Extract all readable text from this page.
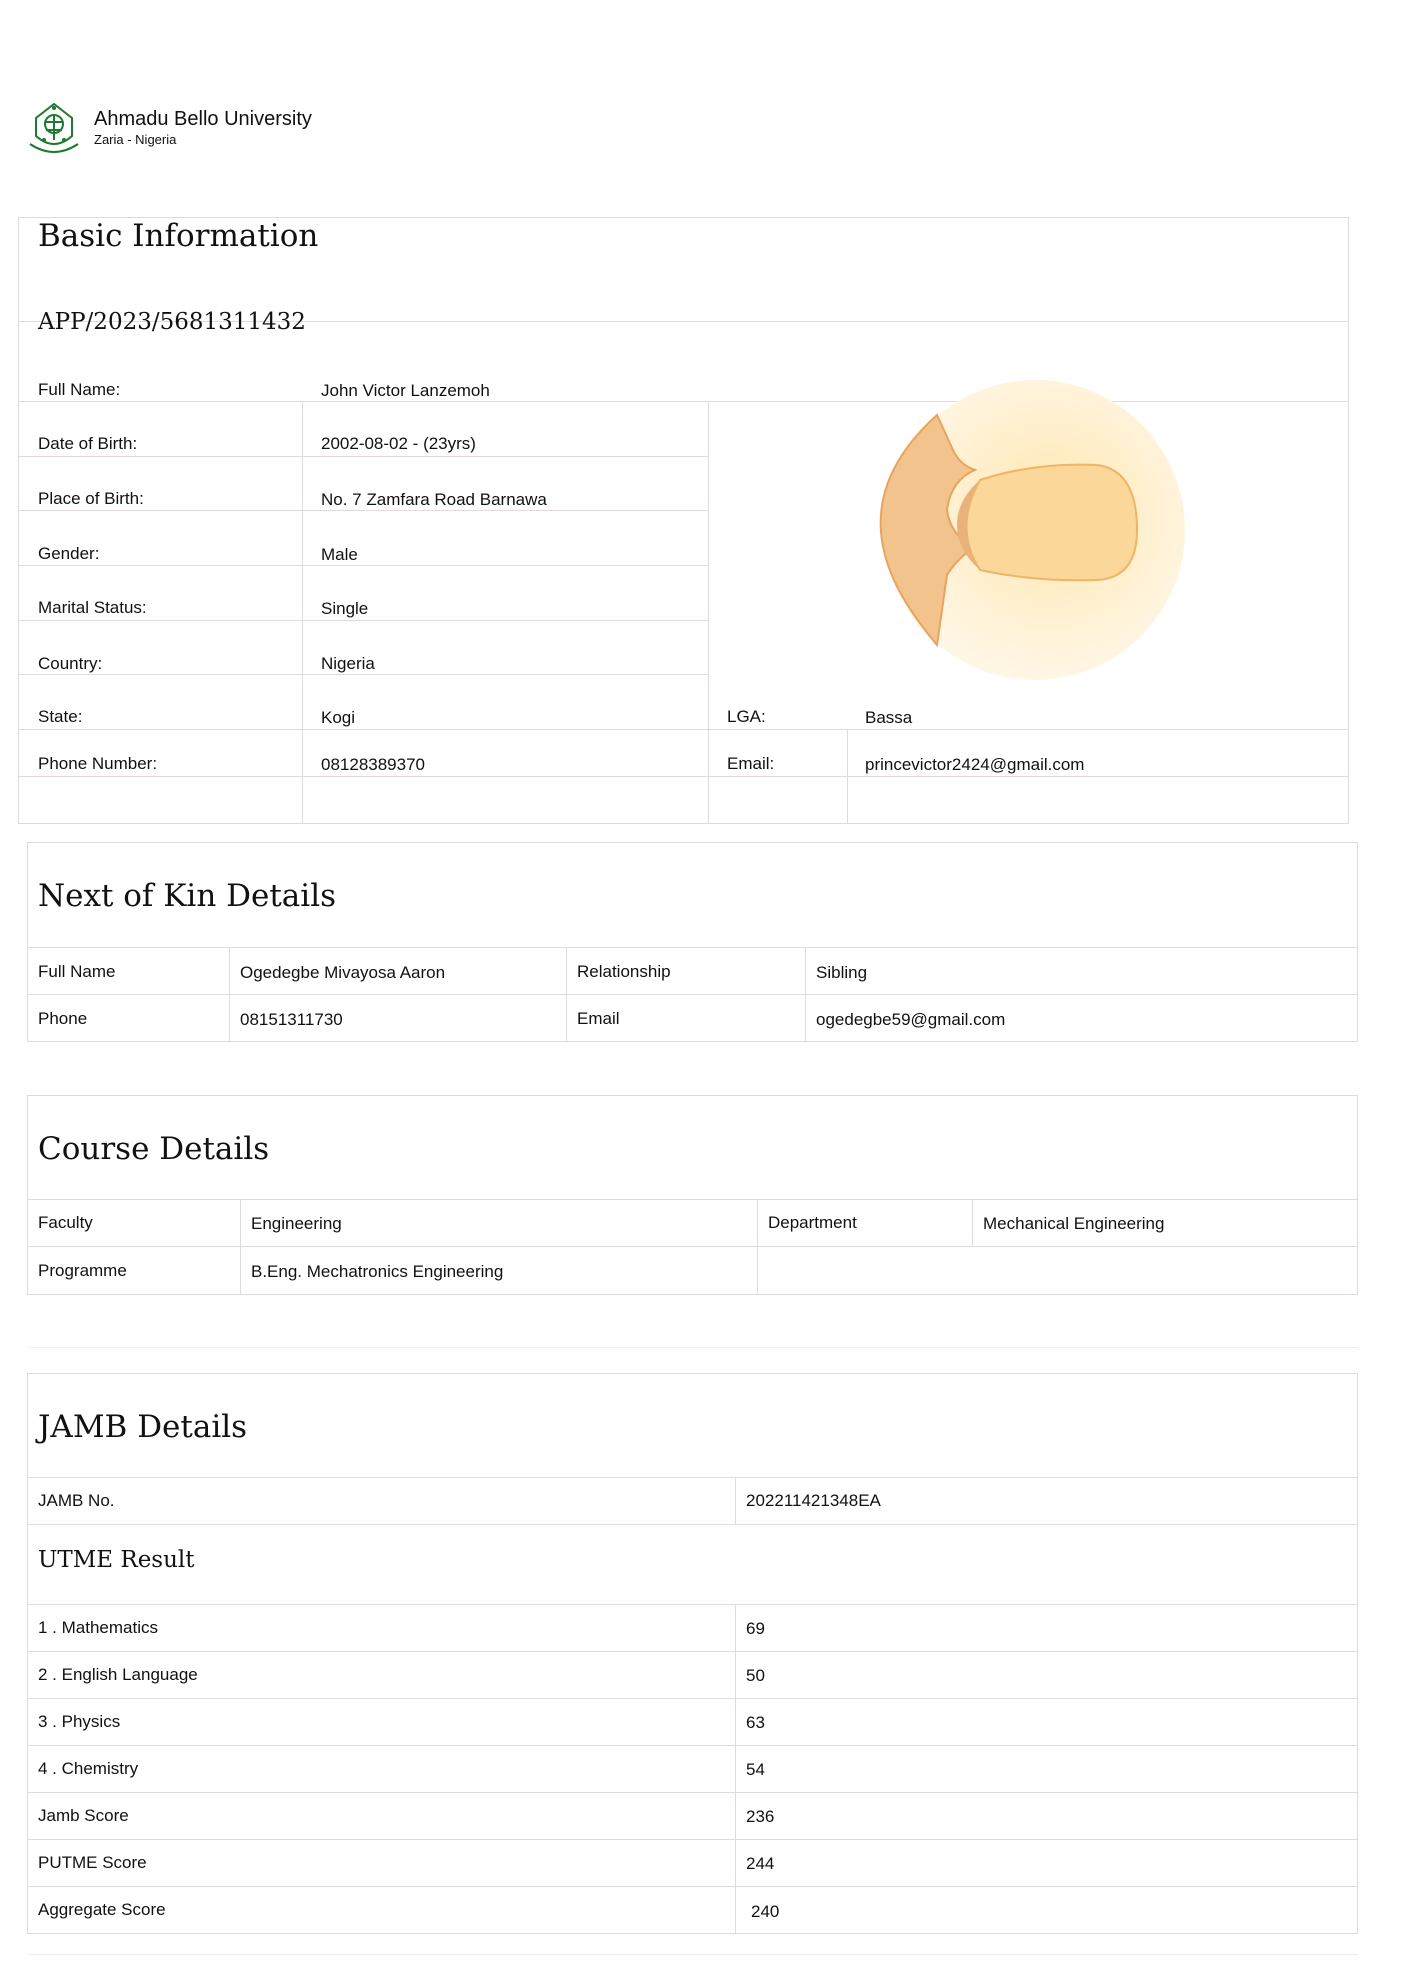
Ahmadu Bello University
Zaria - Nigeria
Basic Information
APP/2023/5681311432
Full Name:	John Victor Lanzemoh
Date of Birth:	2002-08-02 - (23yrs)
Place of Birth:	No. 7 Zamfara Road Barnawa
Gender:	Male
Marital Status:	Single
Country:	Nigeria
State:	Kogi	LGA:	Bassa
Phone Number:	08128389370	Email:	princevictor2424@gmail.com
Next of Kin Details
Full Name	Ogedegbe Mivayosa Aaron	Relationship	Sibling
Phone	08151311730	Email	ogedegbe59@gmail.com
Course Details
Faculty	Engineering	Department	Mechanical Engineering
Programme	B.Eng. Mechatronics Engineering
JAMB Details
JAMB No.	202211421348EA
UTME Result
1 . Mathematics	69
2 . English Language	50
3 . Physics	63
4 . Chemistry	54
Jamb Score	236
PUTME Score	244
Aggregate Score	240
